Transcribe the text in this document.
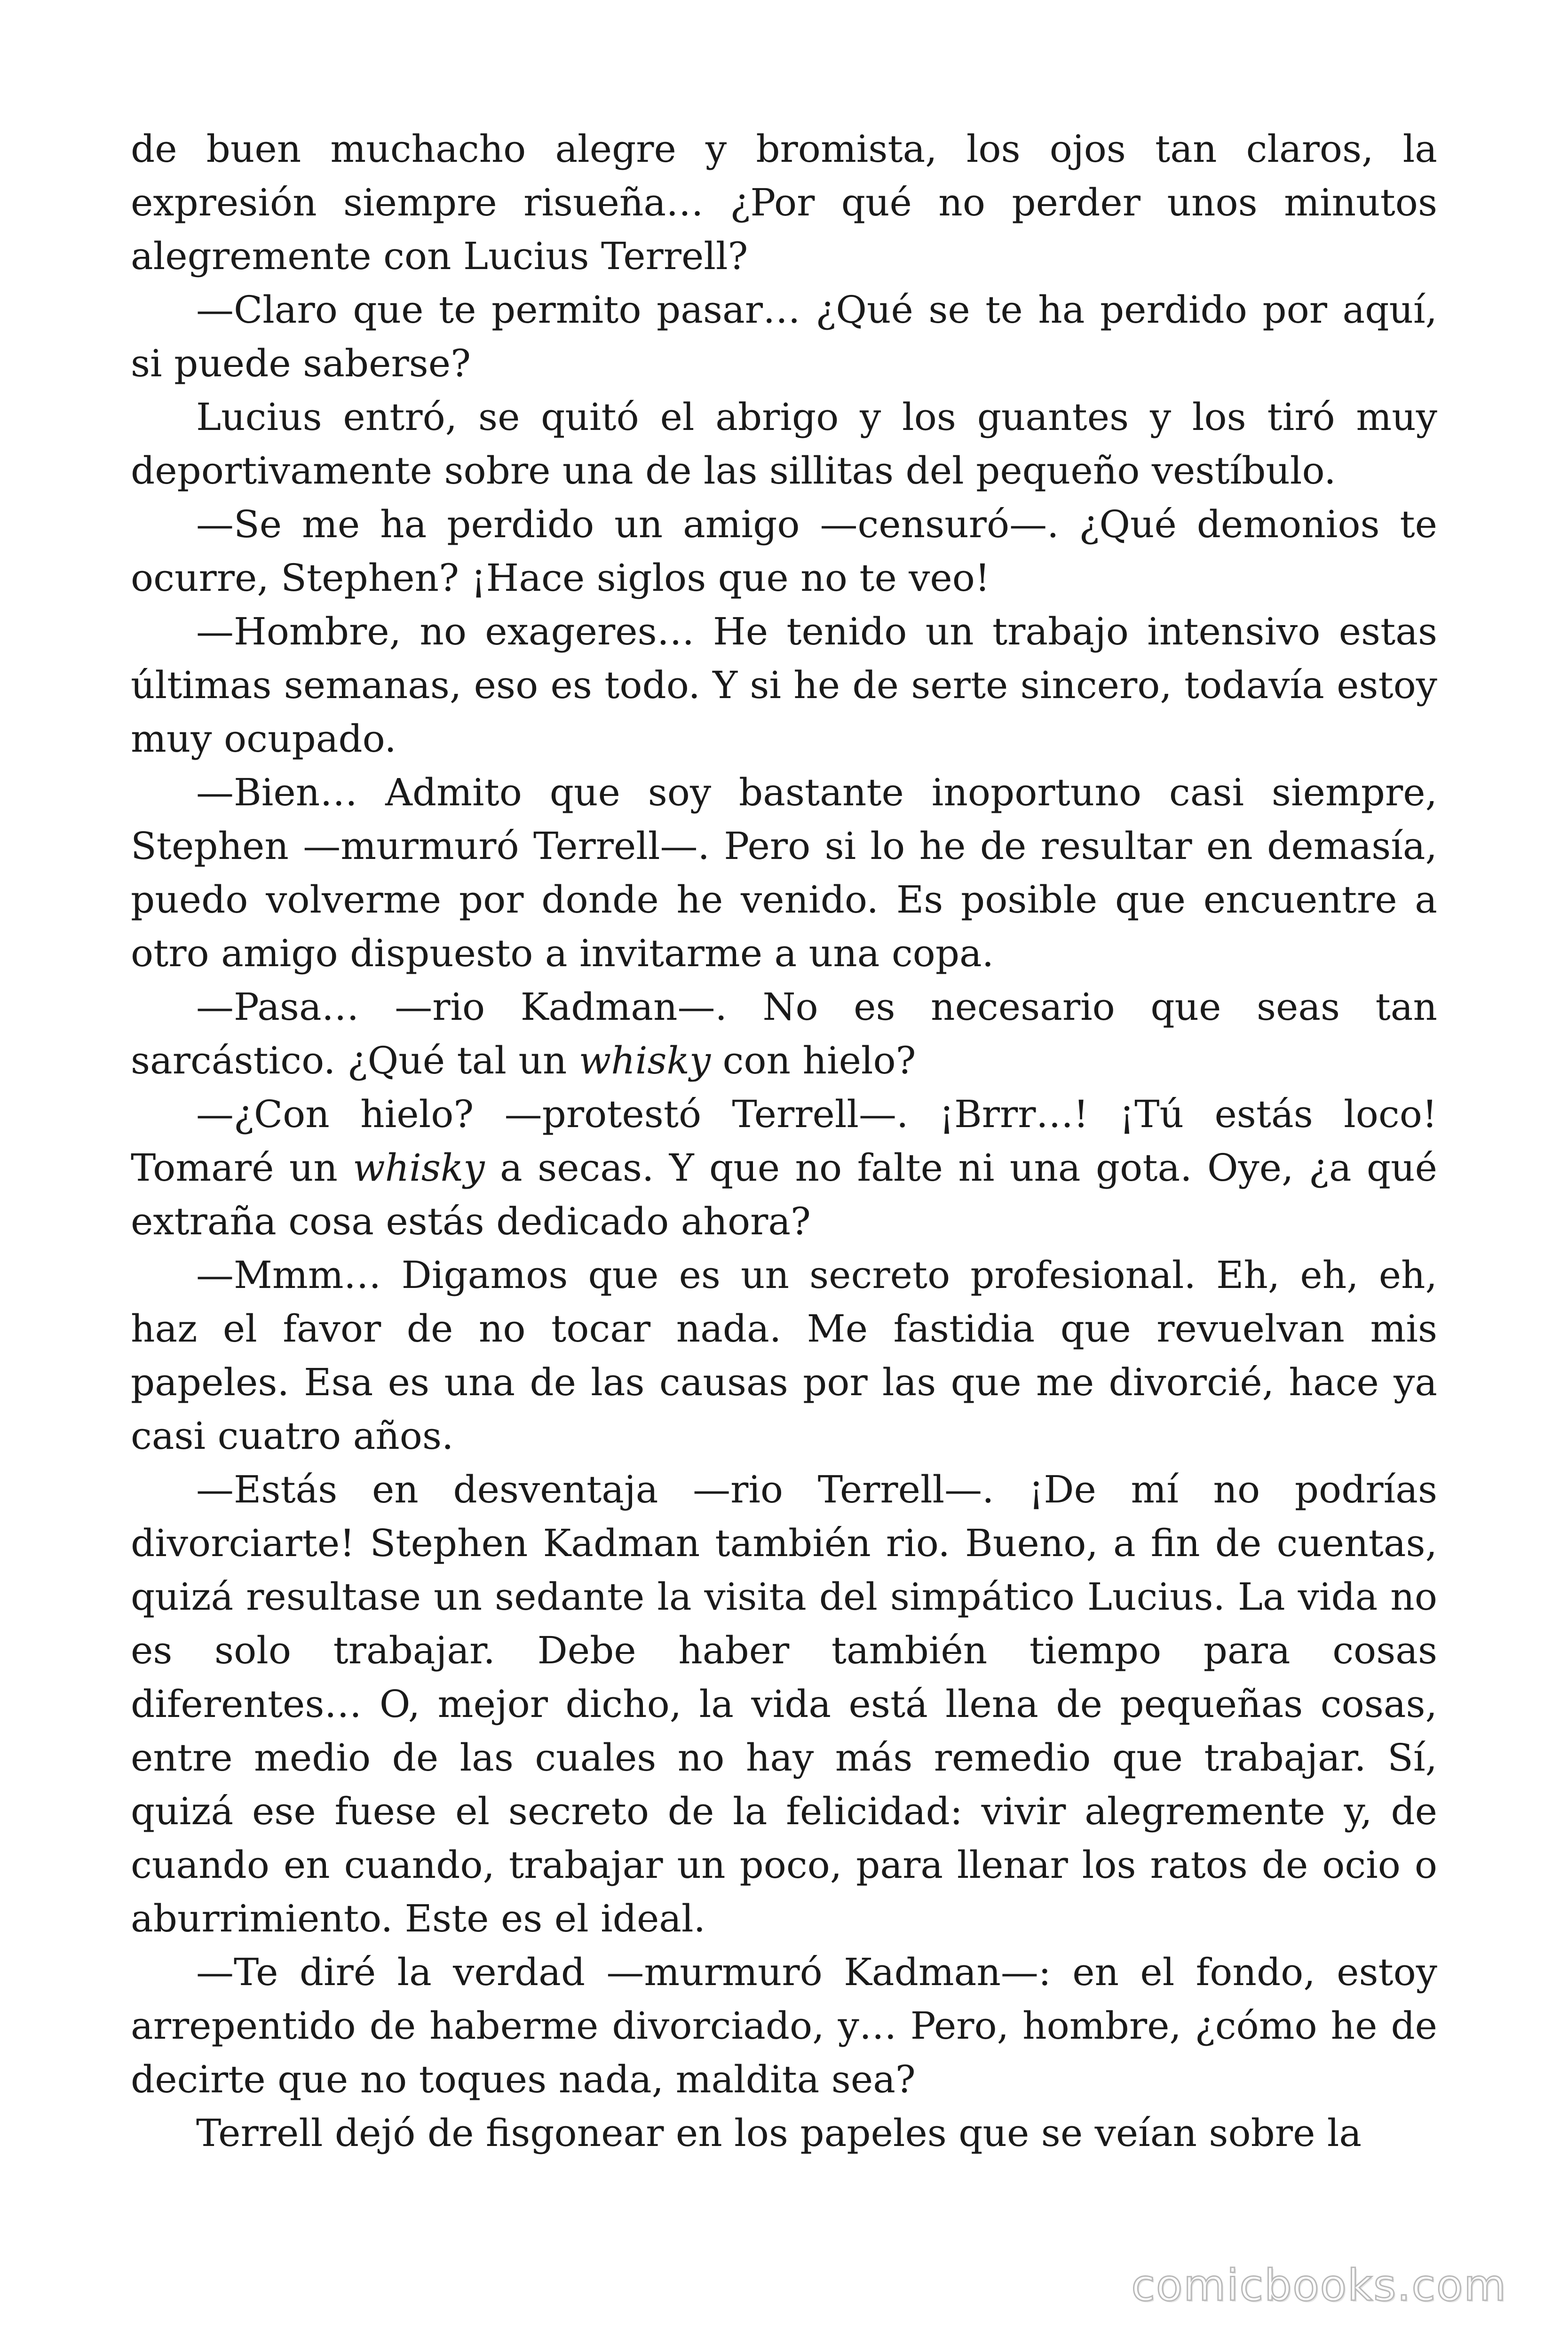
de buen muchacho alegre y bromista, los ojos tan claros, la expresión siempre risueña… ¿Por qué no perder unos minutos alegremente con Lucius Terrell?

—Claro que te permito pasar… ¿Qué se te ha perdido por aquí, si puede saberse?

Lucius entró, se quitó el abrigo y los guantes y los tiró muy deportivamente sobre una de las sillitas del pequeño vestíbulo.

—Se me ha perdido un amigo —censuró—. ¿Qué demonios te ocurre, Stephen? ¡Hace siglos que no te veo!

—Hombre, no exageres… He tenido un trabajo intensivo estas últimas semanas, eso es todo. Y si he de serte sincero, todavía estoy muy ocupado.

—Bien… Admito que soy bastante inoportuno casi siempre, Stephen —murmuró Terrell—. Pero si lo he de resultar en demasía, puedo volverme por donde he venido. Es posible que encuentre a otro amigo dispuesto a invitarme a una copa.

—Pasa… —rio Kadman—. No es necesario que seas tan sarcástico. ¿Qué tal un whisky con hielo?

—¿Con hielo? —protestó Terrell—. ¡Brrr…! ¡Tú estás loco! Tomaré un whisky a secas. Y que no falte ni una gota. Oye, ¿a qué extraña cosa estás dedicado ahora?

—Mmm… Digamos que es un secreto profesional. Eh, eh, eh, haz el favor de no tocar nada. Me fastidia que revuelvan mis papeles. Esa es una de las causas por las que me divorcié, hace ya casi cuatro años.

—Estás en desventaja —rio Terrell—. ¡De mí no podrías divorciarte! Stephen Kadman también rio. Bueno, a fin de cuentas, quizá resultase un sedante la visita del simpático Lucius. La vida no es solo trabajar. Debe haber también tiempo para cosas diferentes… O, mejor dicho, la vida está llena de pequeñas cosas, entre medio de las cuales no hay más remedio que trabajar. Sí, quizá ese fuese el secreto de la felicidad: vivir alegremente y, de cuando en cuando, trabajar un poco, para llenar los ratos de ocio o aburrimiento. Este es el ideal.

—Te diré la verdad —murmuró Kadman—: en el fondo, estoy arrepentido de haberme divorciado, y… Pero, hombre, ¿cómo he de decirte que no toques nada, maldita sea?

Terrell dejó de fisgonear en los papeles que se veían sobre la

comicbooks.com
